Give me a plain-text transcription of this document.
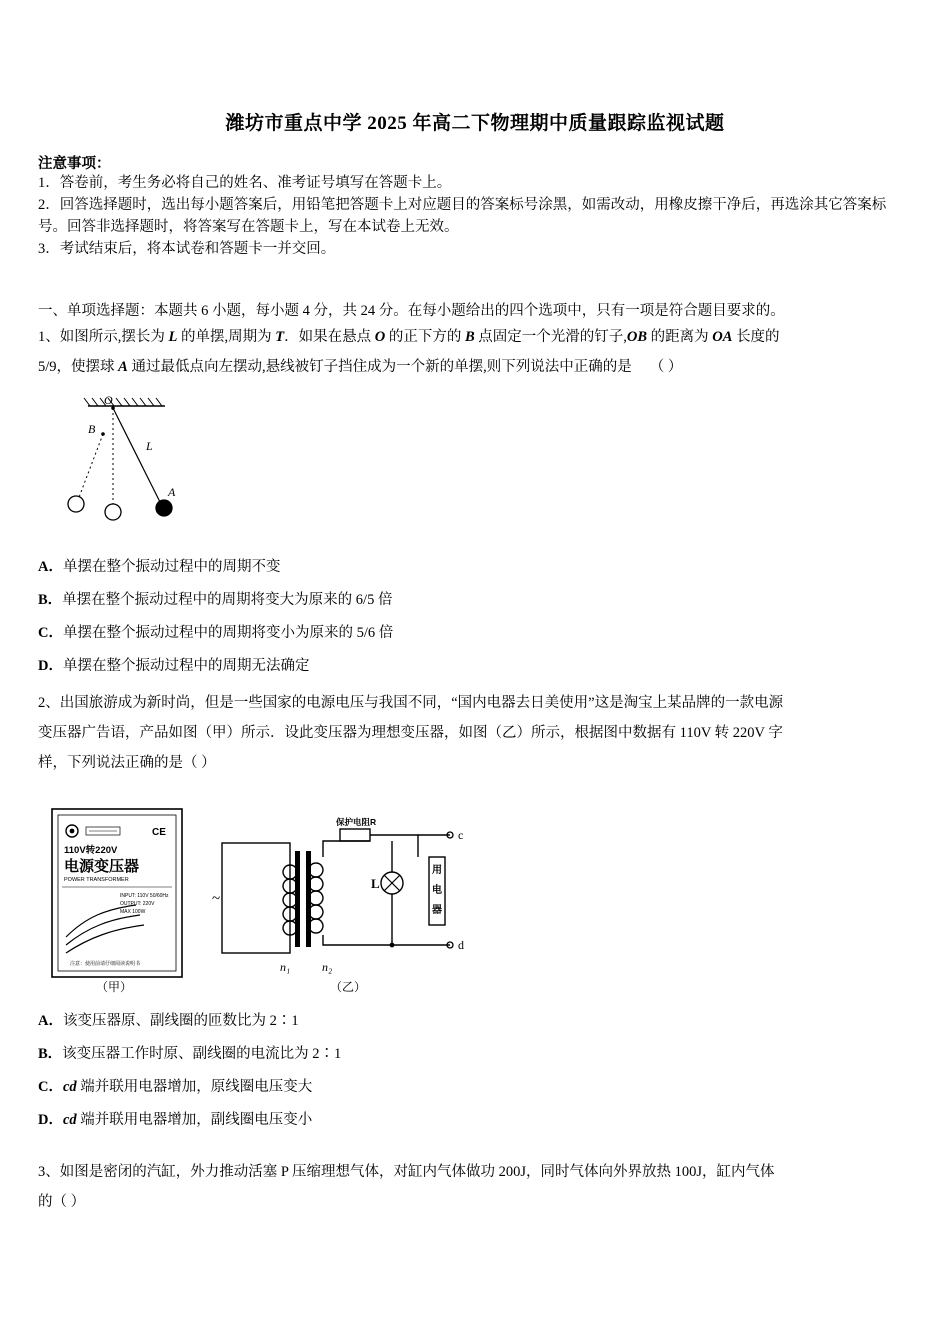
潍坊市重点中学 2025 年高二下物理期中质量跟踪监视试题
注意事项：

1．答卷前，考生务必将自己的姓名、准考证号填写在答题卡上。

2．回答选择题时，选出每小题答案后，用铅笔把答题卡上对应题目的答案标号涂黑，如需改动，用橡皮擦干净后，再选涂其它答案标号。回答非选择题时，将答案写在答题卡上，写在本试卷上无效。

3．考试结束后，将本试卷和答题卡一并交回。

一、单项选择题：本题共 6 小题，每小题 4 分，共 24 分。在每小题给出的四个选项中，只有一项是符合题目要求的。
1、如图所示,摆长为 L 的单摆,周期为 T．如果在悬点 O 的正下方的 B 点固定一个光滑的钉子,OB 的距离为 OA 长度的
5/9，使摆球 A 通过最低点向左摆动,悬线被钉子挡住成为一个新的单摆,则下列说法中正确的是 （ ）
O
B
L
A
A．单摆在整个振动过程中的周期不变
B．单摆在整个振动过程中的周期将变大为原来的 6/5 倍
C．单摆在整个振动过程中的周期将变小为原来的 5/6 倍
D．单摆在整个振动过程中的周期无法确定
2、出国旅游成为新时尚，但是一些国家的电源电压与我国不同，“国内电器去日美使用”这是淘宝上某品牌的一款电源
变压器广告语，产品如图（甲）所示．设此变压器为理想变压器，如图（乙）所示，根据图中数据有 110V 转 220V 字
样，下列说法正确的是（ ）
CE
110V转220V
电源变压器
POWER TRANSFORMER
INPUT: 110V 50/60Hz
OUTPUT: 220V
MAX 100W
注意：使用前请仔细阅读说明书
（甲）
~
保护电阻R
c
L
d
用
电
器
n₁	n₂
（乙）
A．该变压器原、副线圈的匝数比为 2∶1
B．该变压器工作时原、副线圈的电流比为 2∶1
C．cd 端并联用电器增加，原线圈电压变大
D．cd 端并联用电器增加，副线圈电压变小
3、如图是密闭的汽缸，外力推动活塞 P 压缩理想气体，对缸内气体做功 200J，同时气体向外界放热 100J，缸内气体
的（ ）
